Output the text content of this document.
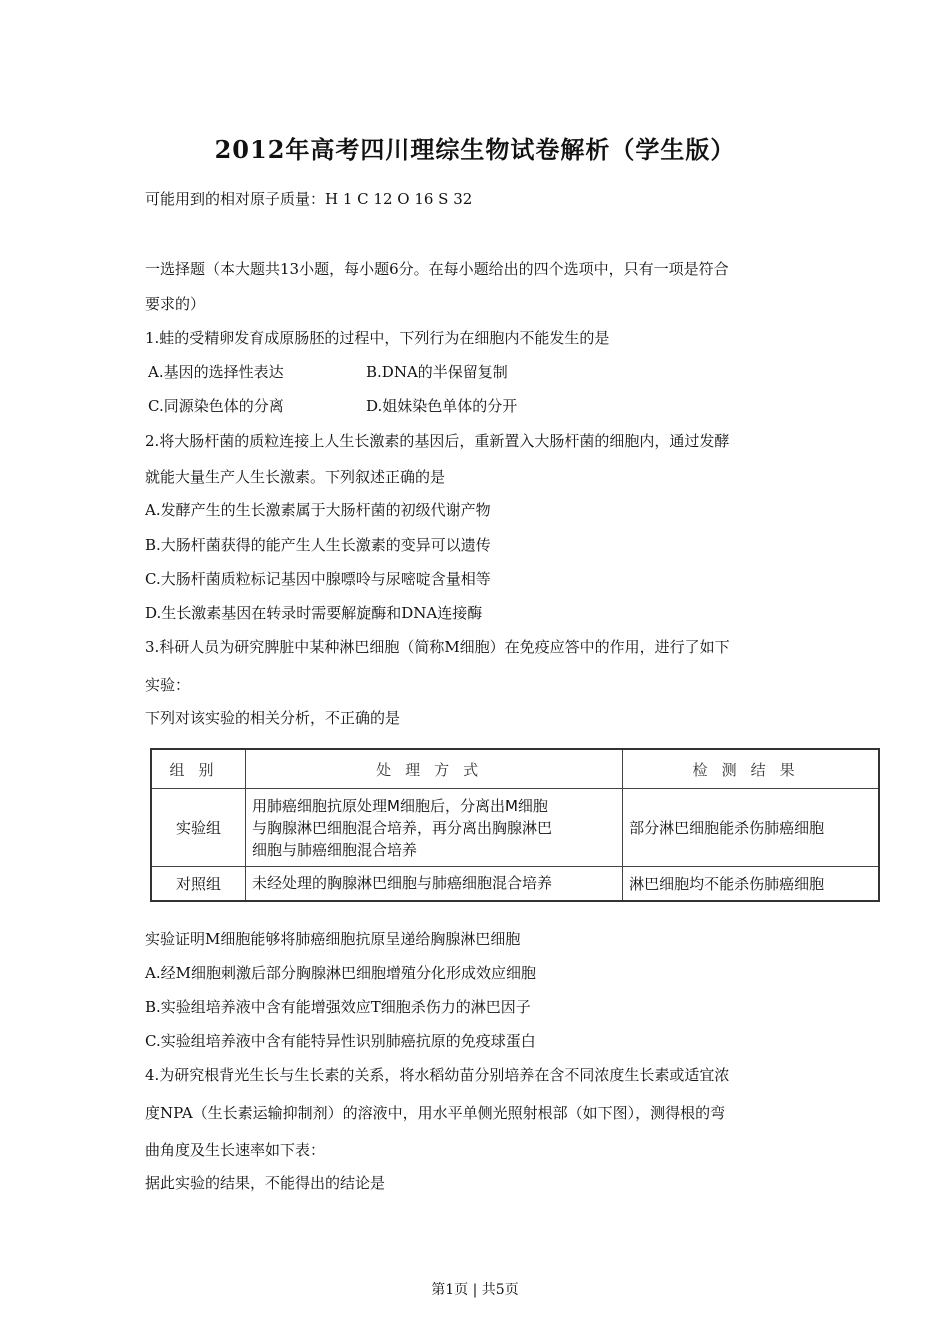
2012年高考四川理综生物试卷解析（学生版）
可能用到的相对原子质量：H 1 C 12 O 16 S 32
一选择题（本大题共13小题，每小题6分。在每小题给出的四个选项中，只有一项是符合
要求的）
1.蛙的受精卵发育成原肠胚的过程中，下列行为在细胞内不能发生的是
A.基因的选择性表达	B.DNA的半保留复制
C.同源染色体的分离	D.姐妹染色单体的分开
2.将大肠杆菌的质粒连接上人生长激素的基因后，重新置入大肠杆菌的细胞内，通过发酵
就能大量生产人生长激素。下列叙述正确的是
A.发酵产生的生长激素属于大肠杆菌的初级代谢产物
B.大肠杆菌获得的能产生人生长激素的变异可以遗传
C.大肠杆菌质粒标记基因中腺嘌呤与尿嘧啶含量相等
D.生长激素基因在转录时需要解旋酶和DNA连接酶
3.科研人员为研究脾脏中某种淋巴细胞（简称M细胞）在免疫应答中的作用，进行了如下
实验：
下列对该实验的相关分析，不正确的是
组别	处理方式	检测结果
实验组	用肺癌细胞抗原处理M细胞后，分离出M细胞
与胸腺淋巴细胞混合培养，再分离出胸腺淋巴
细胞与肺癌细胞混合培养	部分淋巴细胞能杀伤肺癌细胞
对照组	未经处理的胸腺淋巴细胞与肺癌细胞混合培养	淋巴细胞均不能杀伤肺癌细胞
实验证明M细胞能够将肺癌细胞抗原呈递给胸腺淋巴细胞
A.经M细胞刺激后部分胸腺淋巴细胞增殖分化形成效应细胞
B.实验组培养液中含有能增强效应T细胞杀伤力的淋巴因子
C.实验组培养液中含有能特异性识别肺癌抗原的免疫球蛋白
4.为研究根背光生长与生长素的关系，将水稻幼苗分别培养在含不同浓度生长素或适宜浓
度NPA（生长素运输抑制剂）的溶液中，用水平单侧光照射根部（如下图），测得根的弯
曲角度及生长速率如下表：
据此实验的结果，不能得出的结论是
第1页 | 共5页
